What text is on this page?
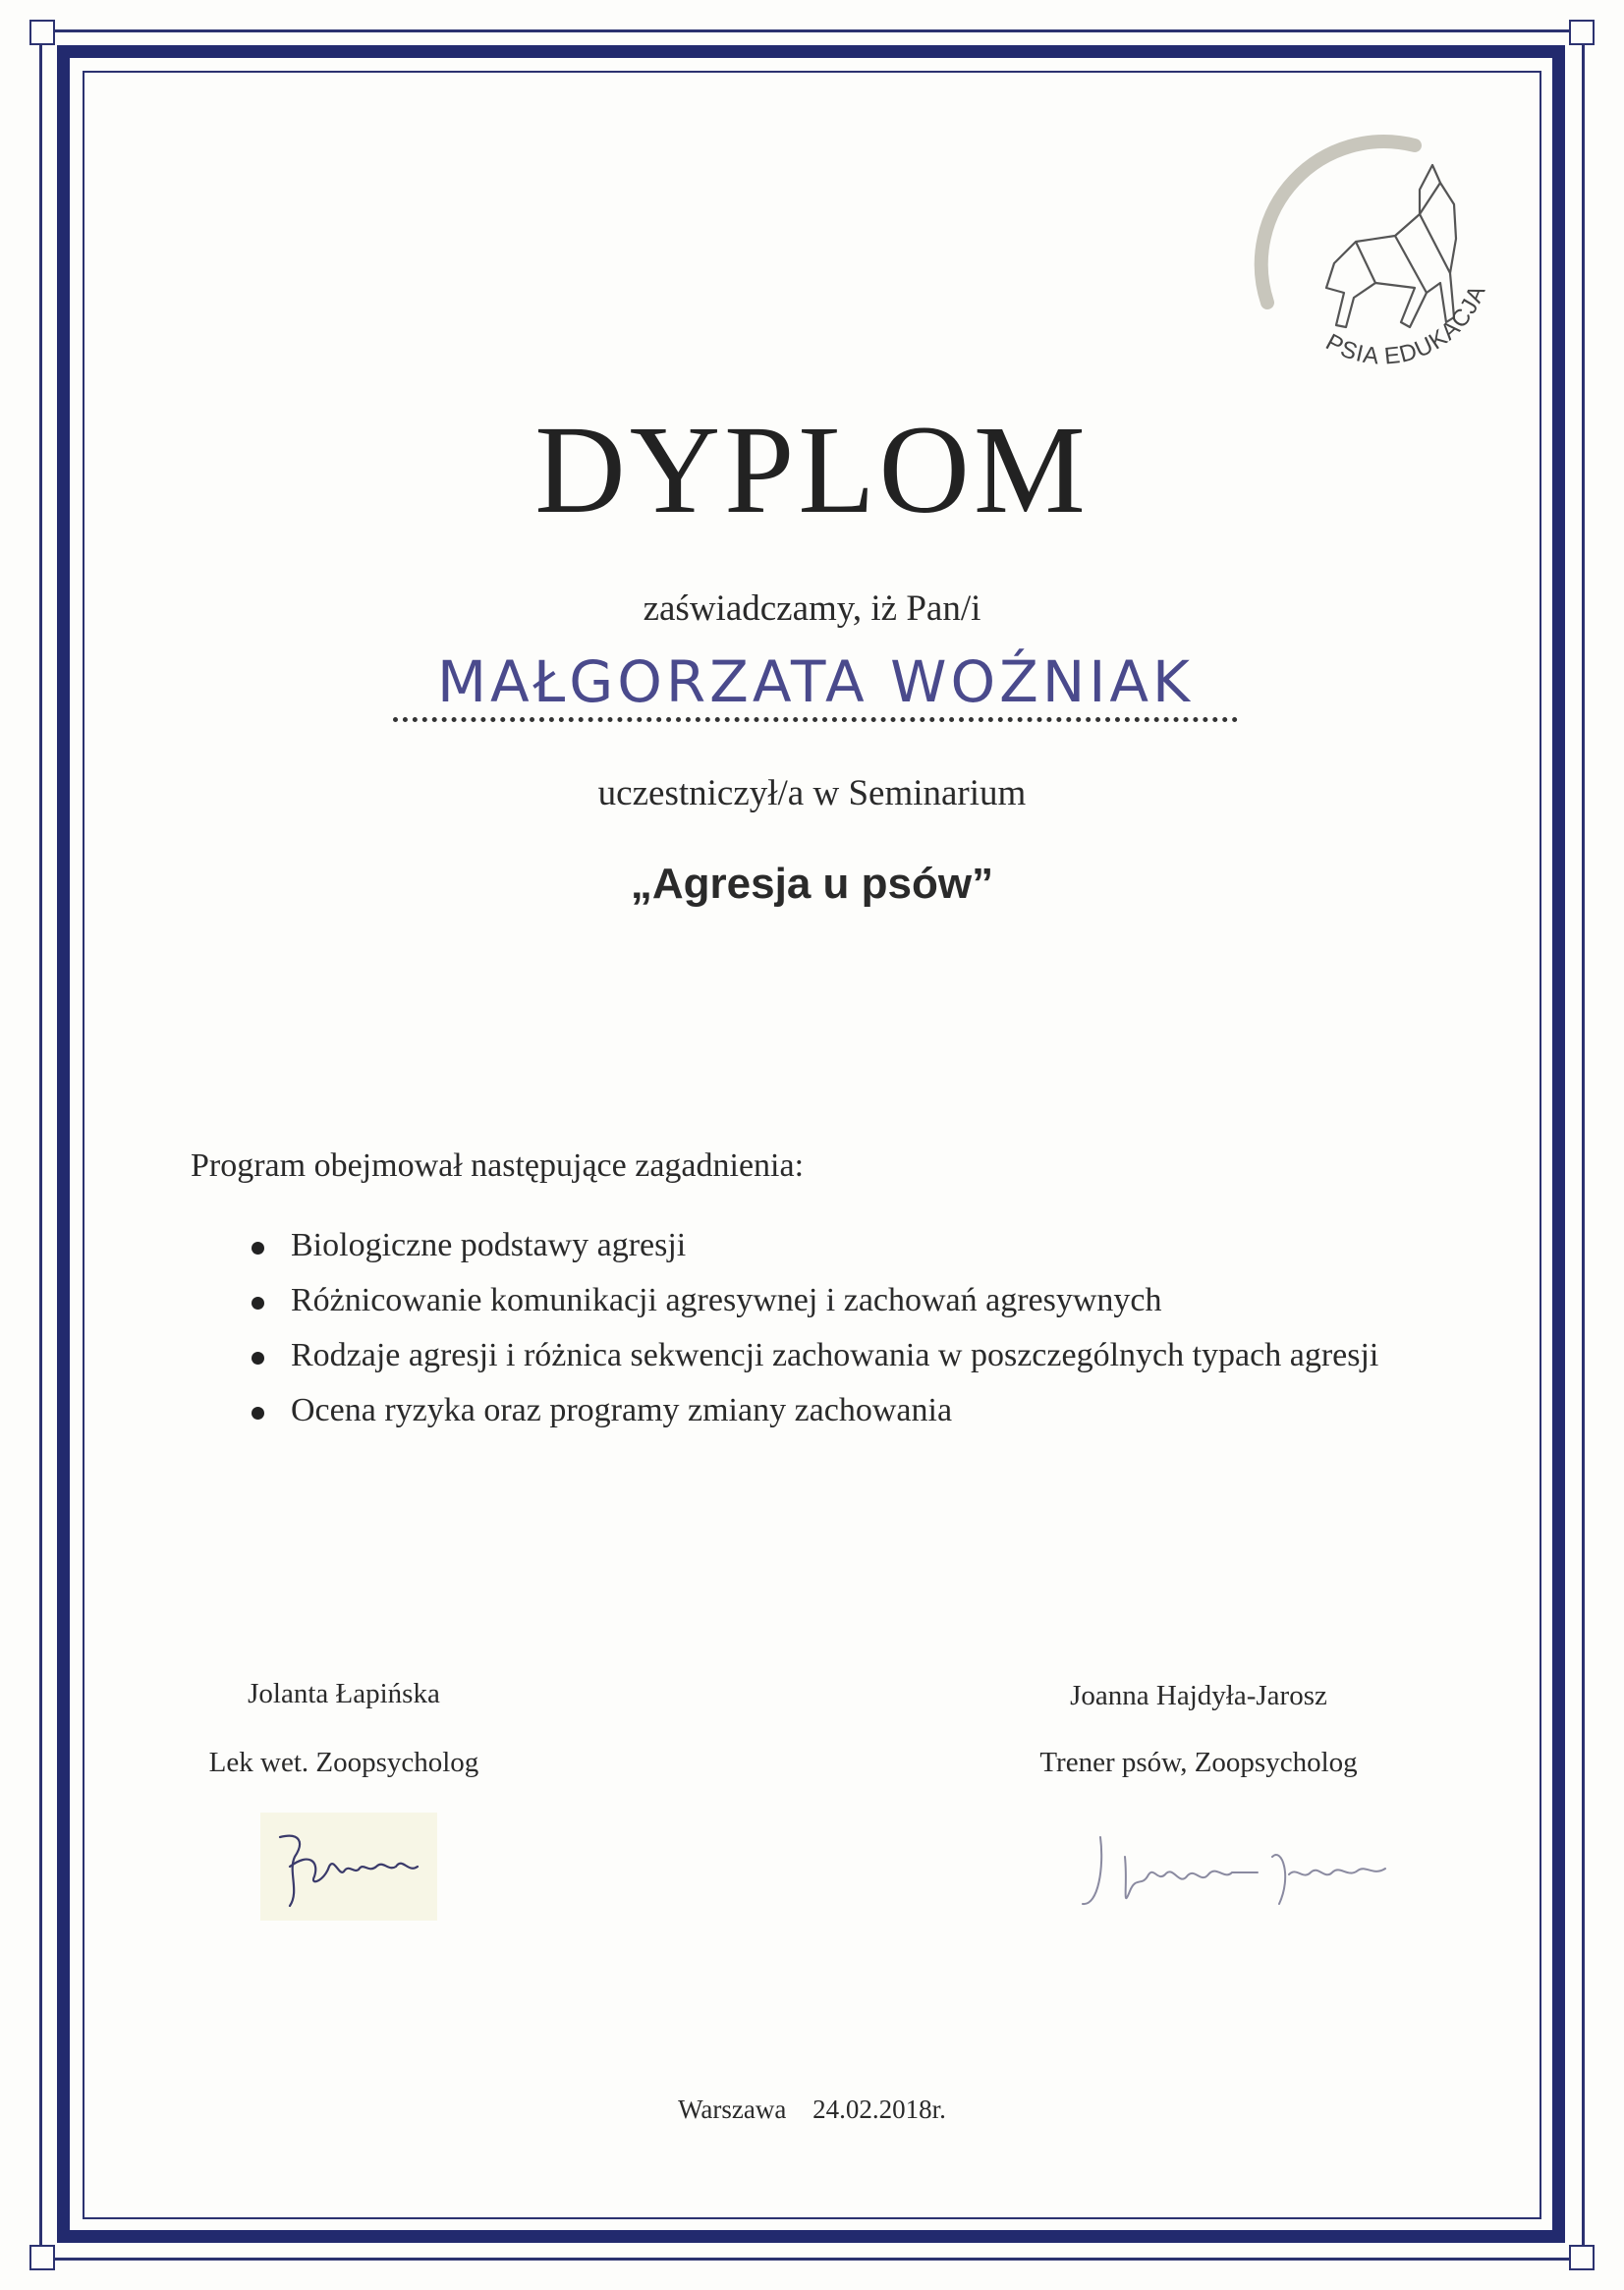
PSIA EDUKACJA
DYPLOM
zaświadczamy, iż Pan/i
MAŁGORZATA WOŹNIAK
uczestniczył/a w Seminarium
„Agresja u psów”
Program obejmował następujące zagadnienia:
Biologiczne podstawy agresji
Różnicowanie komunikacji agresywnej i zachowań agresywnych
Rodzaje agresji i różnica sekwencji zachowania w poszczególnych typach agresji
Ocena ryzyka oraz programy zmiany zachowania
Jolanta Łapińska
Lek wet. Zoopsycholog
Joanna Hajdyła-Jarosz
Trener psów, Zoopsycholog
Warszawa 24.02.2018r.
